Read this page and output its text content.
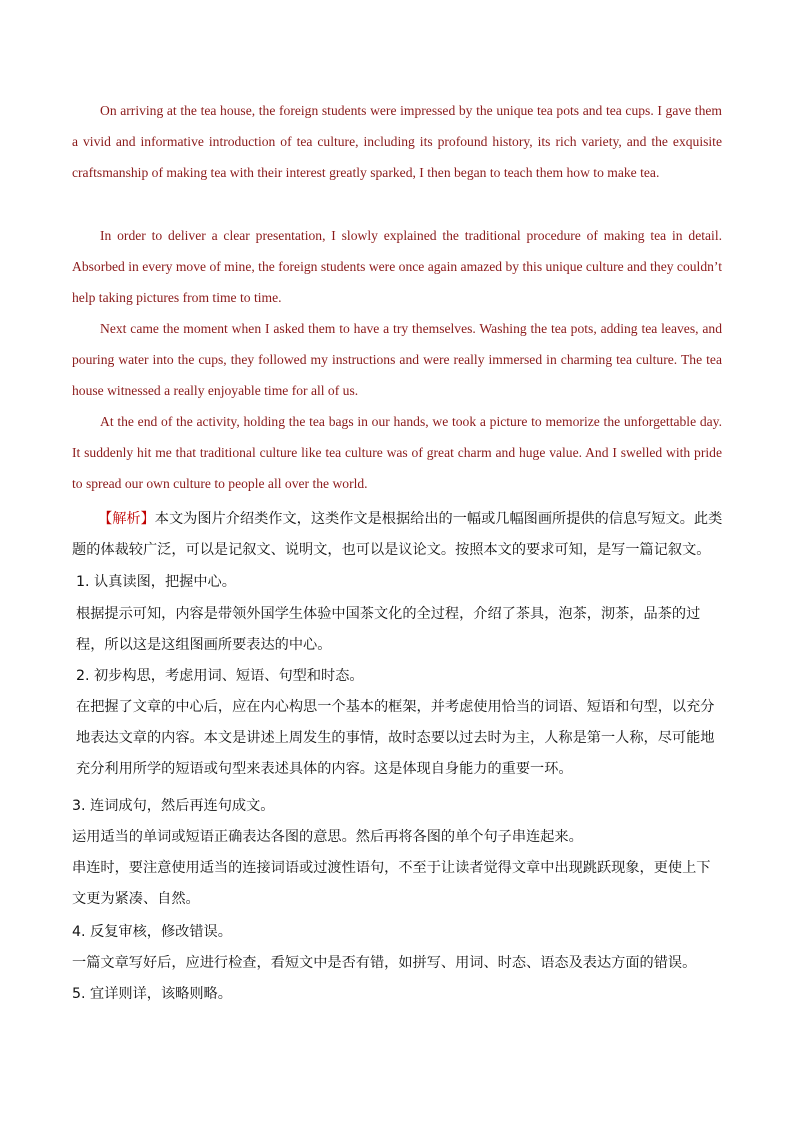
On arriving at the tea house, the foreign students were impressed by the unique tea pots and tea cups. I gave them a vivid and informative introduction of tea culture, including its profound history, its rich variety, and the exquisite craftsmanship of making tea with their interest greatly sparked, I then began to teach them how to make tea.

In order to deliver a clear presentation, I slowly explained the traditional procedure of making tea in detail. Absorbed in every move of mine, the foreign students were once again amazed by this unique culture and they couldn’t help taking pictures from time to time.

Next came the moment when I asked them to have a try themselves. Washing the tea pots, adding tea leaves, and pouring water into the cups, they followed my instructions and were really immersed in charming tea culture. The tea house witnessed a really enjoyable time for all of us.

At the end of the activity, holding the tea bags in our hands, we took a picture to memorize the unforgettable day. It suddenly hit me that traditional culture like tea culture was of great charm and huge value. And I swelled with pride to spread our own culture to people all over the world.

【解析】本文为图片介绍类作文，这类作文是根据给出的一幅或几幅图画所提供的信息写短文。此类题的体裁较广泛，可以是记叙文、说明文，也可以是议论文。按照本文的要求可知，是写一篇记叙文。

1. 认真读图，把握中心。

根据提示可知，内容是带领外国学生体验中国茶文化的全过程，介绍了茶具，泡茶，沏茶，品茶的过程，所以这是这组图画所要表达的中心。

2. 初步构思，考虑用词、短语、句型和时态。

在把握了文章的中心后，应在内心构思一个基本的框架，并考虑使用恰当的词语、短语和句型，以充分地表达文章的内容。本文是讲述上周发生的事情，故时态要以过去时为主，人称是第一人称，尽可能地充分利用所学的短语或句型来表述具体的内容。这是体现自身能力的重要一环。

3. 连词成句，然后再连句成文。

运用适当的单词或短语正确表达各图的意思。然后再将各图的单个句子串连起来。

串连时，要注意使用适当的连接词语或过渡性语句，不至于让读者觉得文章中出现跳跃现象，更使上下文更为紧凑、自然。

4. 反复审核，修改错误。

一篇文章写好后，应进行检查，看短文中是否有错，如拼写、用词、时态、语态及表达方面的错误。

5. 宜详则详，该略则略。
